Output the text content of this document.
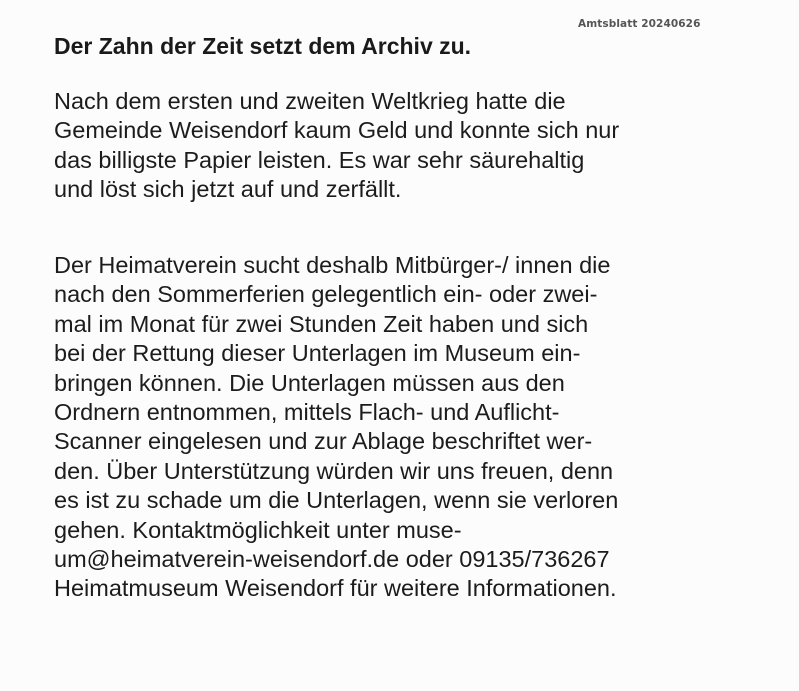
Amtsblatt 20240626
Der Zahn der Zeit setzt dem Archiv zu.
Nach dem ersten und zweiten Weltkrieg hatte die
Gemeinde Weisendorf kaum Geld und konnte sich nur
das billigste Papier leisten. Es war sehr säurehaltig
und löst sich jetzt auf und zerfällt.
Der Heimatverein sucht deshalb Mitbürger-/ innen die
nach den Sommerferien gelegentlich ein- oder zwei-
mal im Monat für zwei Stunden Zeit haben und sich
bei der Rettung dieser Unterlagen im Museum ein-
bringen können. Die Unterlagen müssen aus den
Ordnern entnommen, mittels Flach- und Auflicht-
Scanner eingelesen und zur Ablage beschriftet wer-
den. Über Unterstützung würden wir uns freuen, denn
es ist zu schade um die Unterlagen, wenn sie verloren
gehen. Kontaktmöglichkeit unter muse-
um@heimatverein-weisendorf.de oder 09135/736267
Heimatmuseum Weisendorf für weitere Informationen.
